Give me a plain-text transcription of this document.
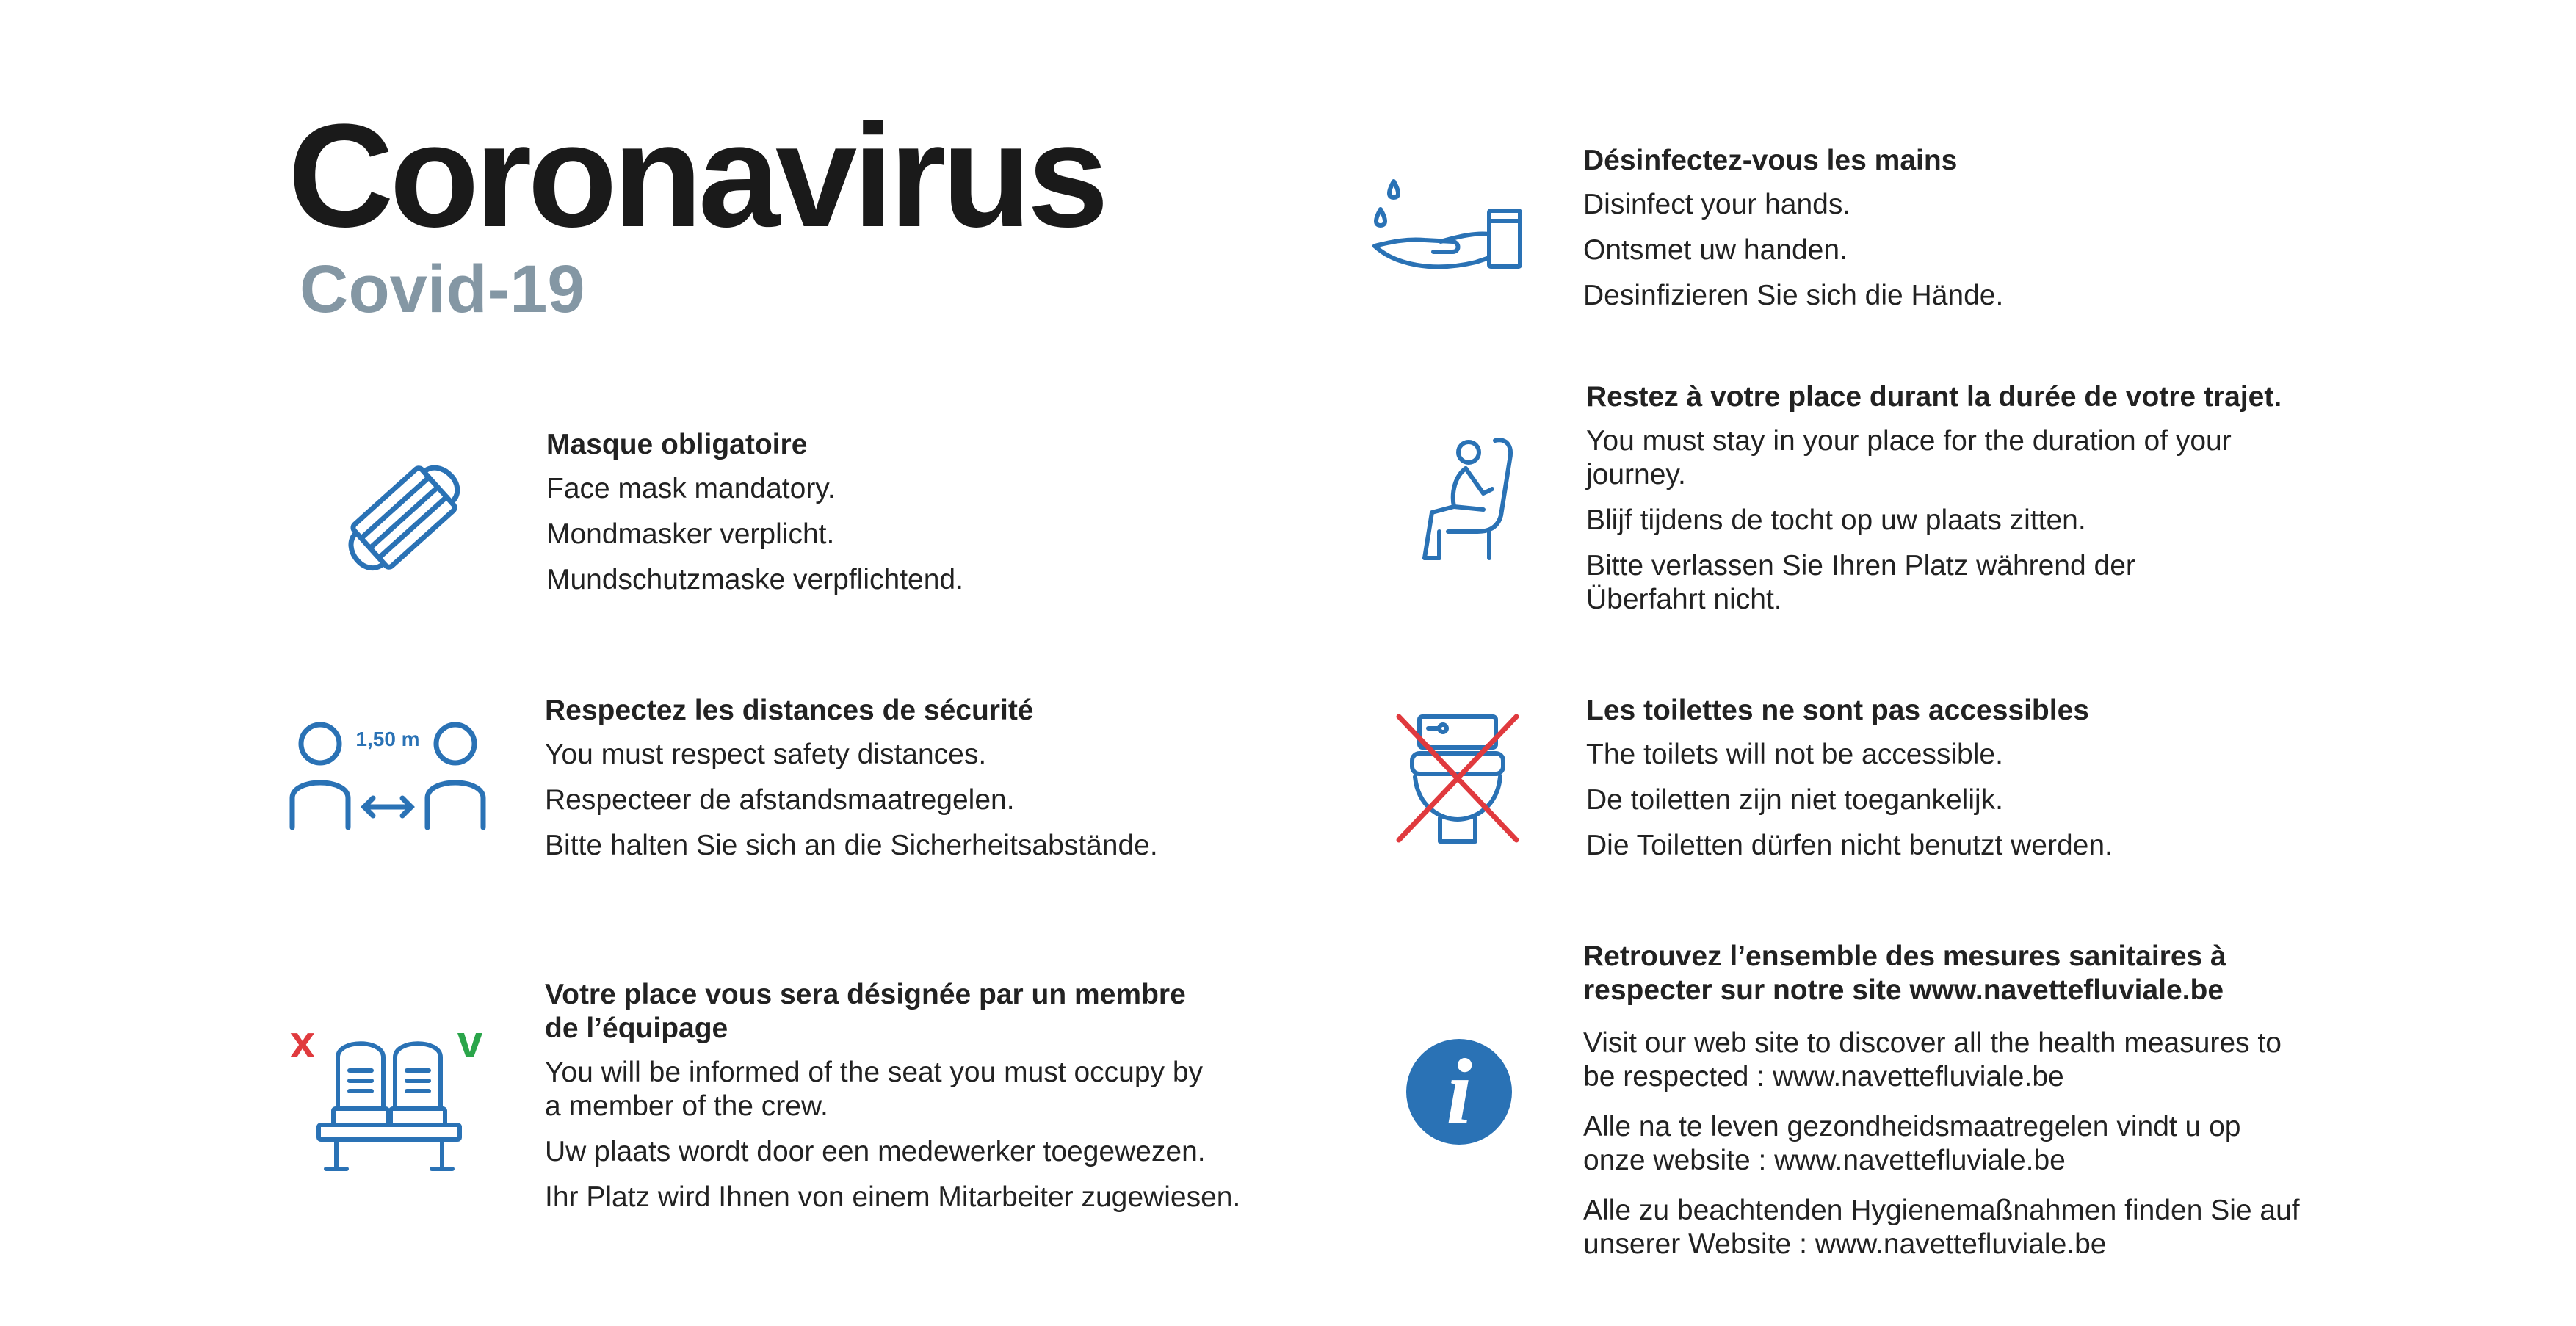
Coronavirus
Covid-19
Masque obligatoire
Face mask mandatory.
Mondmasker verplicht.
Mundschutzmaske verpflichtend.
1,50 m
Respectez les distances de sécurité
You must respect safety distances.
Respecteer de afstandsmaatregelen.
Bitte halten Sie sich an die Sicherheitsabstände.
x	v
Votre place vous sera désignée par un membre de l’équipage
You will be informed of the seat you must occupy by a member of the crew.
Uw plaats wordt door een medewerker toegewezen.
Ihr Platz wird Ihnen von einem Mitarbeiter zugewiesen.
Désinfectez-vous les mains
Disinfect your hands.
Ontsmet uw handen.
Desinfizieren Sie sich die Hände.
Restez à votre place durant la durée de votre trajet.
You must stay in your place for the duration of your journey.
Blijf tijdens de tocht op uw plaats zitten.
Bitte verlassen Sie Ihren Platz während der Überfahrt nicht.
Les toilettes ne sont pas accessibles
The toilets will not be accessible.
De toiletten zijn niet toegankelijk.
Die Toiletten dürfen nicht benutzt werden.
i
Retrouvez l’ensemble des mesures sanitaires à respecter sur notre site www.navettefluviale.be
Visit our web site to discover all the health measures to be respected : www.navettefluviale.be
Alle na te leven gezondheidsmaatregelen vindt u op onze website : www.navettefluviale.be
Alle zu beachtenden Hygienemaßnahmen finden Sie auf unserer Website : www.navettefluviale.be
